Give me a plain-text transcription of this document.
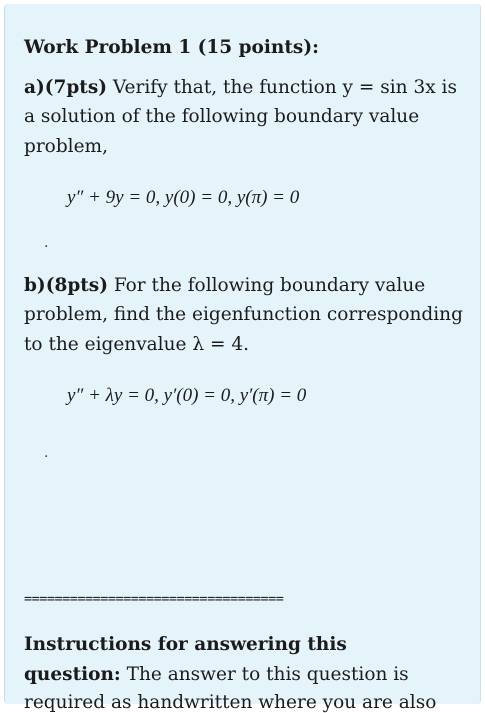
Work Problem 1 (15 points):
a)(7pts) Verify that, the function y = sin 3x is
a solution of the following boundary value
problem,
y″ + 9y = 0, y(0) = 0, y(π) = 0
.
b)(8pts) For the following boundary value
problem, find the eigenfunction corresponding
to the eigenvalue λ = 4.
y″ + λy = 0, y′(0) = 0, y′(π) = 0
.
==================================
Instructions for answering this
question: The answer to this question is
required as handwritten where you are also
